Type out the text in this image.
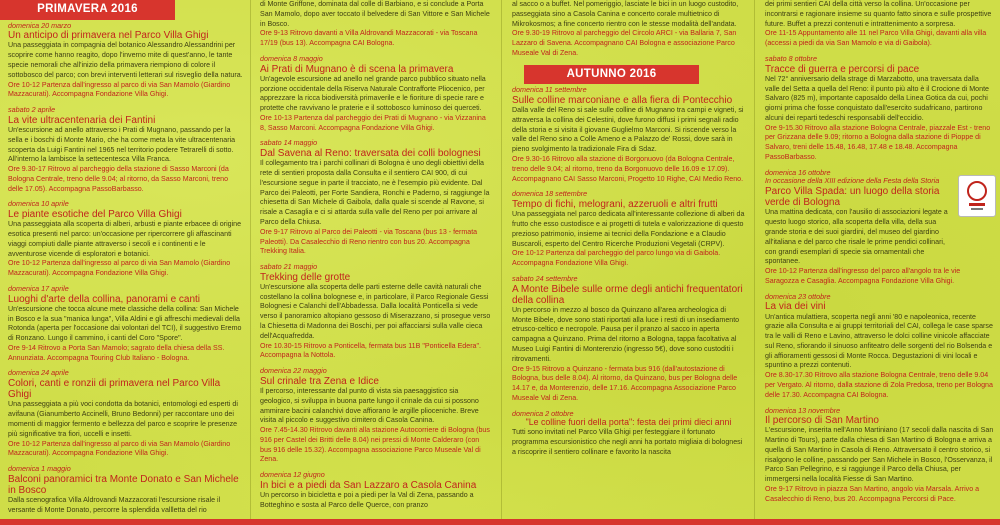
PRIMAVERA 2016
domenica 20 marzo
Un anticipo di primavera nel Parco Villa Ghigi
Una passeggiata in compagnia del botanico Alessandro Alessandrini per scoprire come hanno reagito, dopo l'inverno mite di quest'anno, le tante specie nemorali che all'inizio della primavera riempiono di colore il sottobosco del parco; con brevi interventi letterari sul risveglio della natura.
Ore 10-12 Partenza dall'ingresso al parco di via San Mamolo (Giardino Mazzacurati). Accompagna Fondazione Villa Ghigi.
sabato 2 aprile
La vite ultracentenaria dei Fantini
Un'escursione ad anello attraverso i Prati di Mugnano, passando per la sella e i boschi di Monte Mario, che ha come meta la vite ultracentenaria scoperta da Luigi Fantini nel 1965 nel territorio podere Tetrarelli di sotto. All'interno la lambisce la settecentesca Villa Franca.
Ore 9.30-17 Ritrovo al parcheggio della stazione di Sasso Marconi (da Bologna Centrale, treno delle 9.04; al ritorno, da Sasso Marconi, treno delle 17.05). Accompagna PassoBarbasso.
domenica 10 aprile
Le piante esotiche del Parco Villa Ghigi
Una passeggiata alla scoperta di alberi, arbusti e piante erbacee di origine esotica presenti nel parco: un'occasione per ripercorrere gli affascinanti viaggi compiuti dalle piante attraverso i secoli e i continenti e le avventurose vicende di esploratori e botanici.
Ore 10-12 Partenza dall'ingresso al parco di via San Mamolo (Giardino Mazzacurati). Accompagna Fondazione Villa Ghigi.
domenica 17 aprile
Luoghi d'arte della collina, panorami e canti
Un'escursione che tocca alcune mete classiche della collina: San Michele in Bosco e la sua "manica lunga", Villa Aldini e gli affreschi medievali della Rotonda (aperta per l'occasione dai volontari del TCI), il suggestivo Eremo di Ronzano. Lungo il cammino, i canti del Coro "Spore".
Ore 9-14 Ritrovo a Porta San Mamolo; sagrato della chiesa della SS. Annunziata. Accompagna Touring Club Italiano - Bologna.
domenica 24 aprile
Colori, canti e ronzii di primavera nel Parco Villa Ghigi
Una passeggiata a più voci condotta da botanici, entomologi ed esperti di avifauna (Gianumberto Accinelli, Bruno Bedonni) per raccontare uno dei momenti di maggior fermento e bellezza del parco e scoprire le presenze più significative tra fiori, uccelli e insetti.
Ore 10-12 Partenza dall'ingresso al parco di via San Mamolo (Giardino Mazzacurati). Accompagna Fondazione Villa Ghigi.
domenica 1 maggio
Balconi panoramici tra Monte Donato e San Michele in Bosco
Dalla scenografica Villa Aldrovandi Mazzacorati l'escursione risale il versante di Monte Donato, percorre la splendida vallletta del rio
di Monte Griffone, dominata dal colle di Barbiano, e si conclude a Porta San Mamolo, dopo aver toccato il belvedere di San Vittore e San Michele in Bosco.
Ore 9-13 Ritrovo davanti a Villa Aldrovandi Mazzacorati - via Toscana 17/19 (bus 13). Accompagna CAI Bologna.
domenica 8 maggio
Ai Prati di Mugnano è di scena la primavera
Un'agevole escursione ad anello nel grande parco pubblico situato nella porzione occidentale della Riserva Naturale Contrafforte Pliocenico, per apprezzare la ricca biodiversità primaverile e le fioriture di specie rare e protette che ravvivano le praterie e il sottobosco luminoso dei querceti.
Ore 10-13 Partenza dal parcheggio dei Prati di Mugnano - via Vizzanina 8, Sasso Marconi. Accompagna Fondazione Villa Ghigi.
sabato 14 maggio
Dal Savena al Reno: traversata dei colli bolognesi
Il collegamento tra i parchi collinari di Bologna è uno degli obiettivi della rete di sentieri proposta dalla Consulta e il sentiero CAI 900, di cui l'escursione segue in parte il tracciato, ne è l'esempio più evidente. Dal Parco dei Paleotti, per Forte Sandiera, Ronchi e Paderno, si raggiunge la chiesetta di San Michele di Gaibola, dalla quale si scende al Ravone, si risale a Casaglia e ci si attarda sulla valle del Reno per poi arrivare al Parco della Chiusa.
Ore 9-17 Ritrovo al Parco dei Paleotti - via Toscana (bus 13 - fermata Paleotti). Da Casalecchio di Reno rientro con bus 20. Accompagna Trekking Italia.
sabato 21 maggio
Trekking delle grotte
Un'escursione alla scoperta delle parti esterne delle cavità naturali che costellano la collina bolognese e, in particolare, il Parco Regionale Gessi Bolognesi e Calanchi dell'Abbadessa. Dalla località Ponticella si vede verso il panoramico altopiano gessoso di Miserazzano, si prosegue verso la Chiesetta di Madonna dei Boschi, per poi affacciarsi sulla valle cieca dell'Acquafredda.
Ore 10.30-15 Ritrovo a Ponticella, fermata bus 11B "Ponticella Edera". Accompagna la Nottola.
domenica 22 maggio
Sul crinale tra Zena e Idice
Il percorso, interessante dal punto di vista sia paesaggistico sia geologico, si sviluppa in buona parte lungo il crinale da cui si possono ammirare bacini calanchivi dove affiorano le argille plioceniche. Breve visita al piccolo e suggestivo cimitero di Casola Canina.
Ore 7.45-14.30 Ritrovo davanti alla stazione Autocorriere di Bologna (bus 916 per Castel dei Britti delle 8.04) nei pressi di Monte Calderaro (con bus 916 delle 15.32). Accompagna associazione Parco Museale Val di Zena.
domenica 12 giugno
In bici e a piedi da San Lazzaro a Casola Canina
Un percorso in bicicletta e poi a piedi per la Val di Zena, passando a Botteghino e sosta al Parco delle Querce, con pranzo
al sacco o a buffet. Nel pomeriggio, lasciate le bici in un luogo custodito, passeggiata sino a Casola Canina e concerto corale multietnico di Mikrokosmos; a fine concerto rientro con le stesse modalità dell'andata.
Ore 9.30-19 Ritrovo al parcheggio del Circolo ARCI - via Ballaria 7, San Lazzaro di Savena. Accompagnano CAI Bologna e associazione Parco Museale Val di Zena.
AUTUNNO 2016
domenica 11 settembre
Sulle colline marconiane e alla fiera di Pontecchio
Dalla valle del Reno si sale sulle colline di Mugnano tra campi e vigneti, si attraversa la collina dei Celestini, dove furono diffusi i primi segnali radio della storia e si visita il giovane Guglielmo Marconi. Si riscende verso la valle del Reno sino a Colle Ameno e a Palazzo de' Rossi, dove sarà in pieno svolgimento la tradizionale Fira di Sdaz.
Ore 9.30-16 Ritrovo alla stazione di Borgonuovo (da Bologna Centrale, treno delle 9.04; al ritorno, treno da Borgonuovo delle 16.09 e 17.09). Accompagnano CAI Sasso Marconi, Progetto 10 Righe, CAI Medio Reno.
domenica 18 settembre
Tempo di fichi, melograni, azzeruoli e altri frutti
Una passeggiata nel parco dedicata all'interessante collezione di alberi da frutto che esso custodisce e ai progetti di tutela e valorizzazione di questo prezioso patrimonio, insieme ai tecnici della Fondazione e a Claudio Buscaroli, esperto del Centro Ricerche Produzioni Vegetali (CRPV).
Ore 10-12 Partenza dal parcheggio del parco lungo via di Gaibola. Accompagna Fondazione Villa Ghigi.
sabato 24 settembre
A Monte Bibele sulle orme degli antichi frequentatori della collina
Un percorso in mezzo al bosco da Quinzano all'area archeologica di Monte Bibele, dove sono stati riportati alla luce i resti di un insediamento etrusco-celtico e necropole. Pausa per il pranzo al sacco in aperta campagna a Quinzano. Prima del ritorno a Bologna, tappa facoltativa al Museo Luigi Fantini di Monterenzio (ingresso 5€), dove sono custoditi i ritrovamenti.
Ore 9-15 Ritrovo a Quinzano - fermata bus 916 (dall'autostazione di Bologna, bus delle 8.04). Al ritorno, da Quinzano, bus per Bologna delle 14.17 e, da Monterenzio, delle 17.16. Accompagna Associazione Parco Museale Val di Zena.
domenica 2 ottobre
"Le colline fuori della porta": festa dei primi dieci anni
Tutti sono invitati nel Parco Villa Ghigi per festeggiare il fortunato programma escursionistico che negli anni ha portato migliaia di bolognesi a riscoprire il sentiero collinare e favorito la nascita
dei primi sentieri CAI della città verso la collina. Un'occasione per incontrarsi e ragionare insieme su quanto fatto sinora e sulle prospettive future. Buffet a prezzi contenuti e intrattenimento a sorpresa.
Ore 11-15 Appuntamento alle 11 nel Parco Villa Ghigi, davanti alla villa (accessi a piedi da via San Mamolo e via di Gaibola).
sabato 8 ottobre
Tracce di guerra e percorsi di pace
Nel 72° anniversario della strage di Marzabotto, una traversata dalla valle del Setta a quella del Reno: il punto più alto è il Crocione di Monte Salvaro (825 m), importante caposaldo della Linea Gotica da cui, pochi giorni prima che fosse conquistato dall'esercito sudafricano, partirono alcuni dei reparti tedeschi responsabili dell'eccidio.
Ore 9-15.30 Ritrovo alla stazione Bologna Centrale, piazzale Est - treno per Grizzana delle 9.09; ritorno a Bologna dalla stazione di Pioppe di Salvaro, treni delle 15.48, 16.48, 17.48 e 18.48. Accompagna PassoBarbasso.
domenica 16 ottobre
In occasione della XIII edizione della Festa della Storia
Parco Villa Spada: un luogo della storia verde di Bologna
Una mattina dedicata, con l'ausilio di associazioni legate a questo luogo storico, alla scoperta della villa, della sua grande storia e dei suoi giardini, del museo del giardino all'italiana e del parco che risale le prime pendici collinari, con grandi esemplari di specie sia ornamentali che spontanee.
Ore 10-12 Partenza dall'ingresso del parco all'angolo tra le vie Saragozza e Casaglia. Accompagna Fondazione Villa Ghigi.
domenica 23 ottobre
La via dei vini
Un'antica mulattiera, scoperta negli anni '80 e napoleonica, recente grazie alla Consulta e ai gruppi territoriali del CAI, collega le case sparse tra le valli di Reno e Lavino, attraverso le dolci colline vinicole affacciate sul Reno, sfiorando il sinuoso anfiteatro delle sorgenti del rio Bolsenda e gli affioramenti gessosi di Monte Rocca. Degustazioni di vini locali e spuntino a prezzi contenuti.
Ore 8.30-17.30 Ritrovo alla stazione Bologna Centrale, treno delle 9.04 per Vergato. Al ritorno, dalla stazione di Zola Predosa, treno per Bologna delle 17.30. Accompagna CAI Bologna.
domenica 13 novembre
Il percorso di San Martino
L'escursione, inserita nell'Anno Martiniano (17 secoli dalla nascita di San Martino di Tours), parte dalla chiesa di San Martino di Bologna e arriva a quella di San Martino in Casola di Reno. Attraversato il centro storico, si risalgono le colline, passando per San Michele in Bosco, l'Osservanza, il Parco San Pellegrino, e si raggiunge il Parco della Chiusa, per immergersi nella località Fiesse di San Martino.
Ore 9-17 Ritrovo in piazza San Martino, angolo via Marsala. Arrivo a Casalecchio di Reno, bus 20. Accompagna Percorsi di Pace.
